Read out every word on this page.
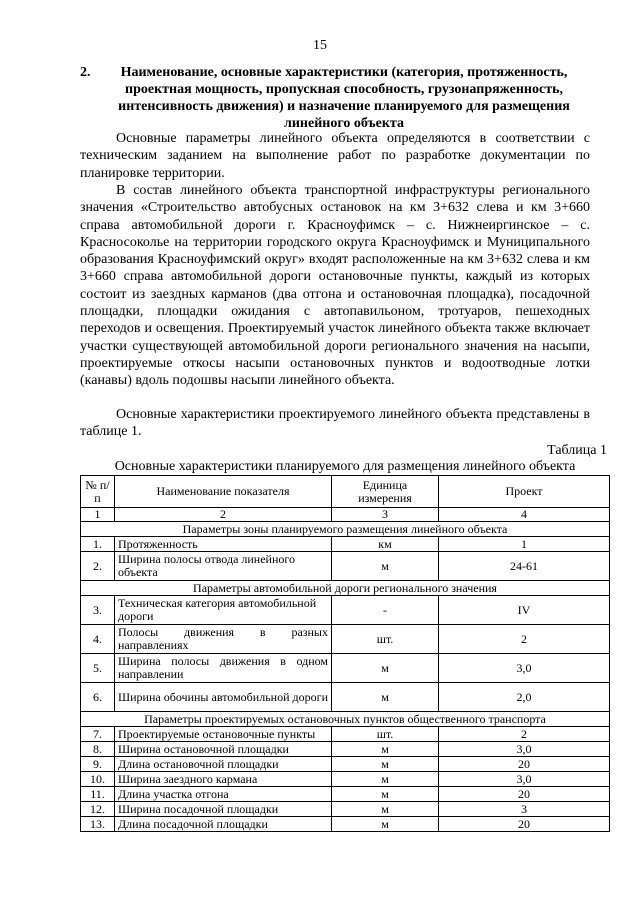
15
2.	Наименование, основные характеристики (категория, протяженность, проектная мощность, пропускная способность, грузонапряженность, интенсивность движения) и назначение планируемого для размещения линейного объекта
Основные параметры линейного объекта определяются в соответствии с техническим заданием на выполнение работ по разработке документации по планировке территории.
В состав линейного объекта транспортной инфраструктуры регионального значения «Строительство автобусных остановок на км 3+632 слева и км 3+660 справа автомобильной дороги г. Красноуфимск – с. Нижнеиргинское – с. Красносоколье на территории городского округа Красноуфимск и Муниципального образования Красноуфимский округ» входят расположенные на км 3+632 слева и км 3+660 справа автомобильной дороги остановочные пункты, каждый из которых состоит из заездных карманов (два отгона и остановочная площадка), посадочной площадки, площадки ожидания с автопавильоном, тротуаров, пешеходных переходов и освещения. Проектируемый участок линейного объекта также включает участки существующей автомобильной дороги регионального значения на насыпи, проектируемые откосы насыпи остановочных пунктов и водоотводные лотки (канавы) вдоль подошвы насыпи линейного объекта.
Основные характеристики проектируемого линейного объекта представлены в таблице 1.
Таблица 1
Основные характеристики планируемого для размещения линейного объекта
№ п/п	Наименование показателя	Единица измерения	Проект
1	2	3	4
Параметры зоны планируемого размещения линейного объекта			
1.	Протяженность	км	1
2.	Ширина полосы отвода линейного объекта	м	24-61
Параметры автомобильной дороги регионального значения			
3.	Техническая категория автомобильной дороги	-	IV
4.	Полосы движения в разных направлениях	шт.	2
5.	Ширина полосы движения в одном направлении	м	3,0
6.	Ширина обочины автомобильной дороги	м	2,0
Параметры проектируемых остановочных пунктов общественного транспорта			
7.	Проектируемые остановочные пункты	шт.	2
8.	Ширина остановочной площадки	м	3,0
9.	Длина остановочной площадки	м	20
10.	Ширина заездного кармана	м	3,0
11.	Длина участка отгона	м	20
12.	Ширина посадочной площадки	м	3
13.	Длина посадочной площадки	м	20
